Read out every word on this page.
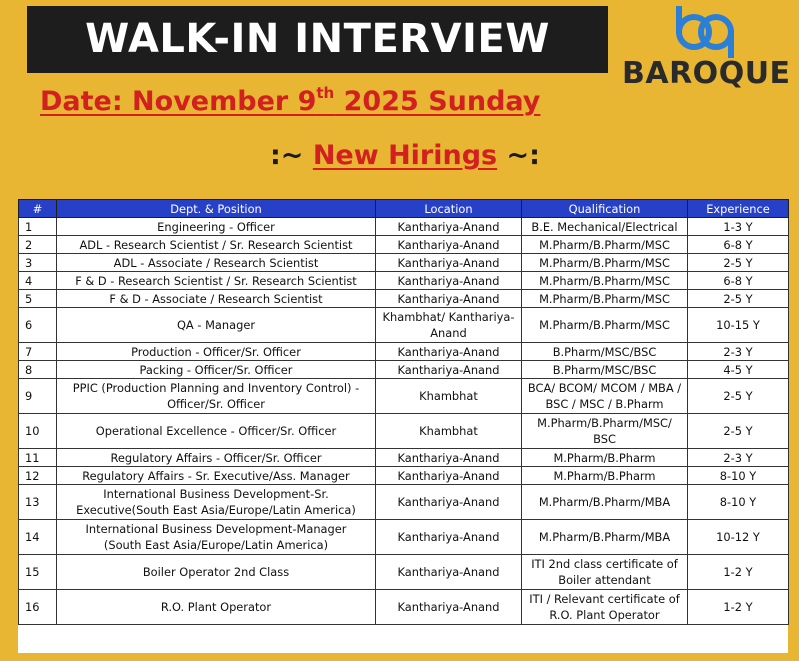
WALK-IN INTERVIEW
BAROQUE
Date: November 9th 2025 Sunday
:~ New Hirings ~:
#	Dept. & Position	Location	Qualification	Experience
1	Engineering - Officer	Kanthariya-Anand	B.E. Mechanical/Electrical	1-3 Y
2	ADL - Research Scientist / Sr. Research Scientist	Kanthariya-Anand	M.Pharm/B.Pharm/MSC	6-8 Y
3	ADL - Associate / Research Scientist	Kanthariya-Anand	M.Pharm/B.Pharm/MSC	2-5 Y
4	F & D - Research Scientist / Sr. Research Scientist	Kanthariya-Anand	M.Pharm/B.Pharm/MSC	6-8 Y
5	F & D - Associate / Research Scientist	Kanthariya-Anand	M.Pharm/B.Pharm/MSC	2-5 Y
6	QA - Manager	Khambhat/ Kanthariya-
Anand	M.Pharm/B.Pharm/MSC	10-15 Y
7	Production - Officer/Sr. Officer	Kanthariya-Anand	B.Pharm/MSC/BSC	2-3 Y
8	Packing - Officer/Sr. Officer	Kanthariya-Anand	B.Pharm/MSC/BSC	4-5 Y
9	PPIC (Production Planning and Inventory Control) -
Officer/Sr. Officer	Khambhat	BCA/ BCOM/ MCOM / MBA /
BSC / MSC / B.Pharm	2-5 Y
10	Operational Excellence - Officer/Sr. Officer	Khambhat	M.Pharm/B.Pharm/MSC/
BSC	2-5 Y
11	Regulatory Affairs - Officer/Sr. Officer	Kanthariya-Anand	M.Pharm/B.Pharm	2-3 Y
12	Regulatory Affairs - Sr. Executive/Ass. Manager	Kanthariya-Anand	M.Pharm/B.Pharm	8-10 Y
13	International Business Development-Sr.
Executive(South East Asia/Europe/Latin America)	Kanthariya-Anand	M.Pharm/B.Pharm/MBA	8-10 Y
14	International Business Development-Manager
(South East Asia/Europe/Latin America)	Kanthariya-Anand	M.Pharm/B.Pharm/MBA	10-12 Y
15	Boiler Operator 2nd Class	Kanthariya-Anand	ITI 2nd class certificate of
Boiler attendant	1-2 Y
16	R.O. Plant Operator	Kanthariya-Anand	ITI / Relevant certificate of
R.O. Plant Operator	1-2 Y
